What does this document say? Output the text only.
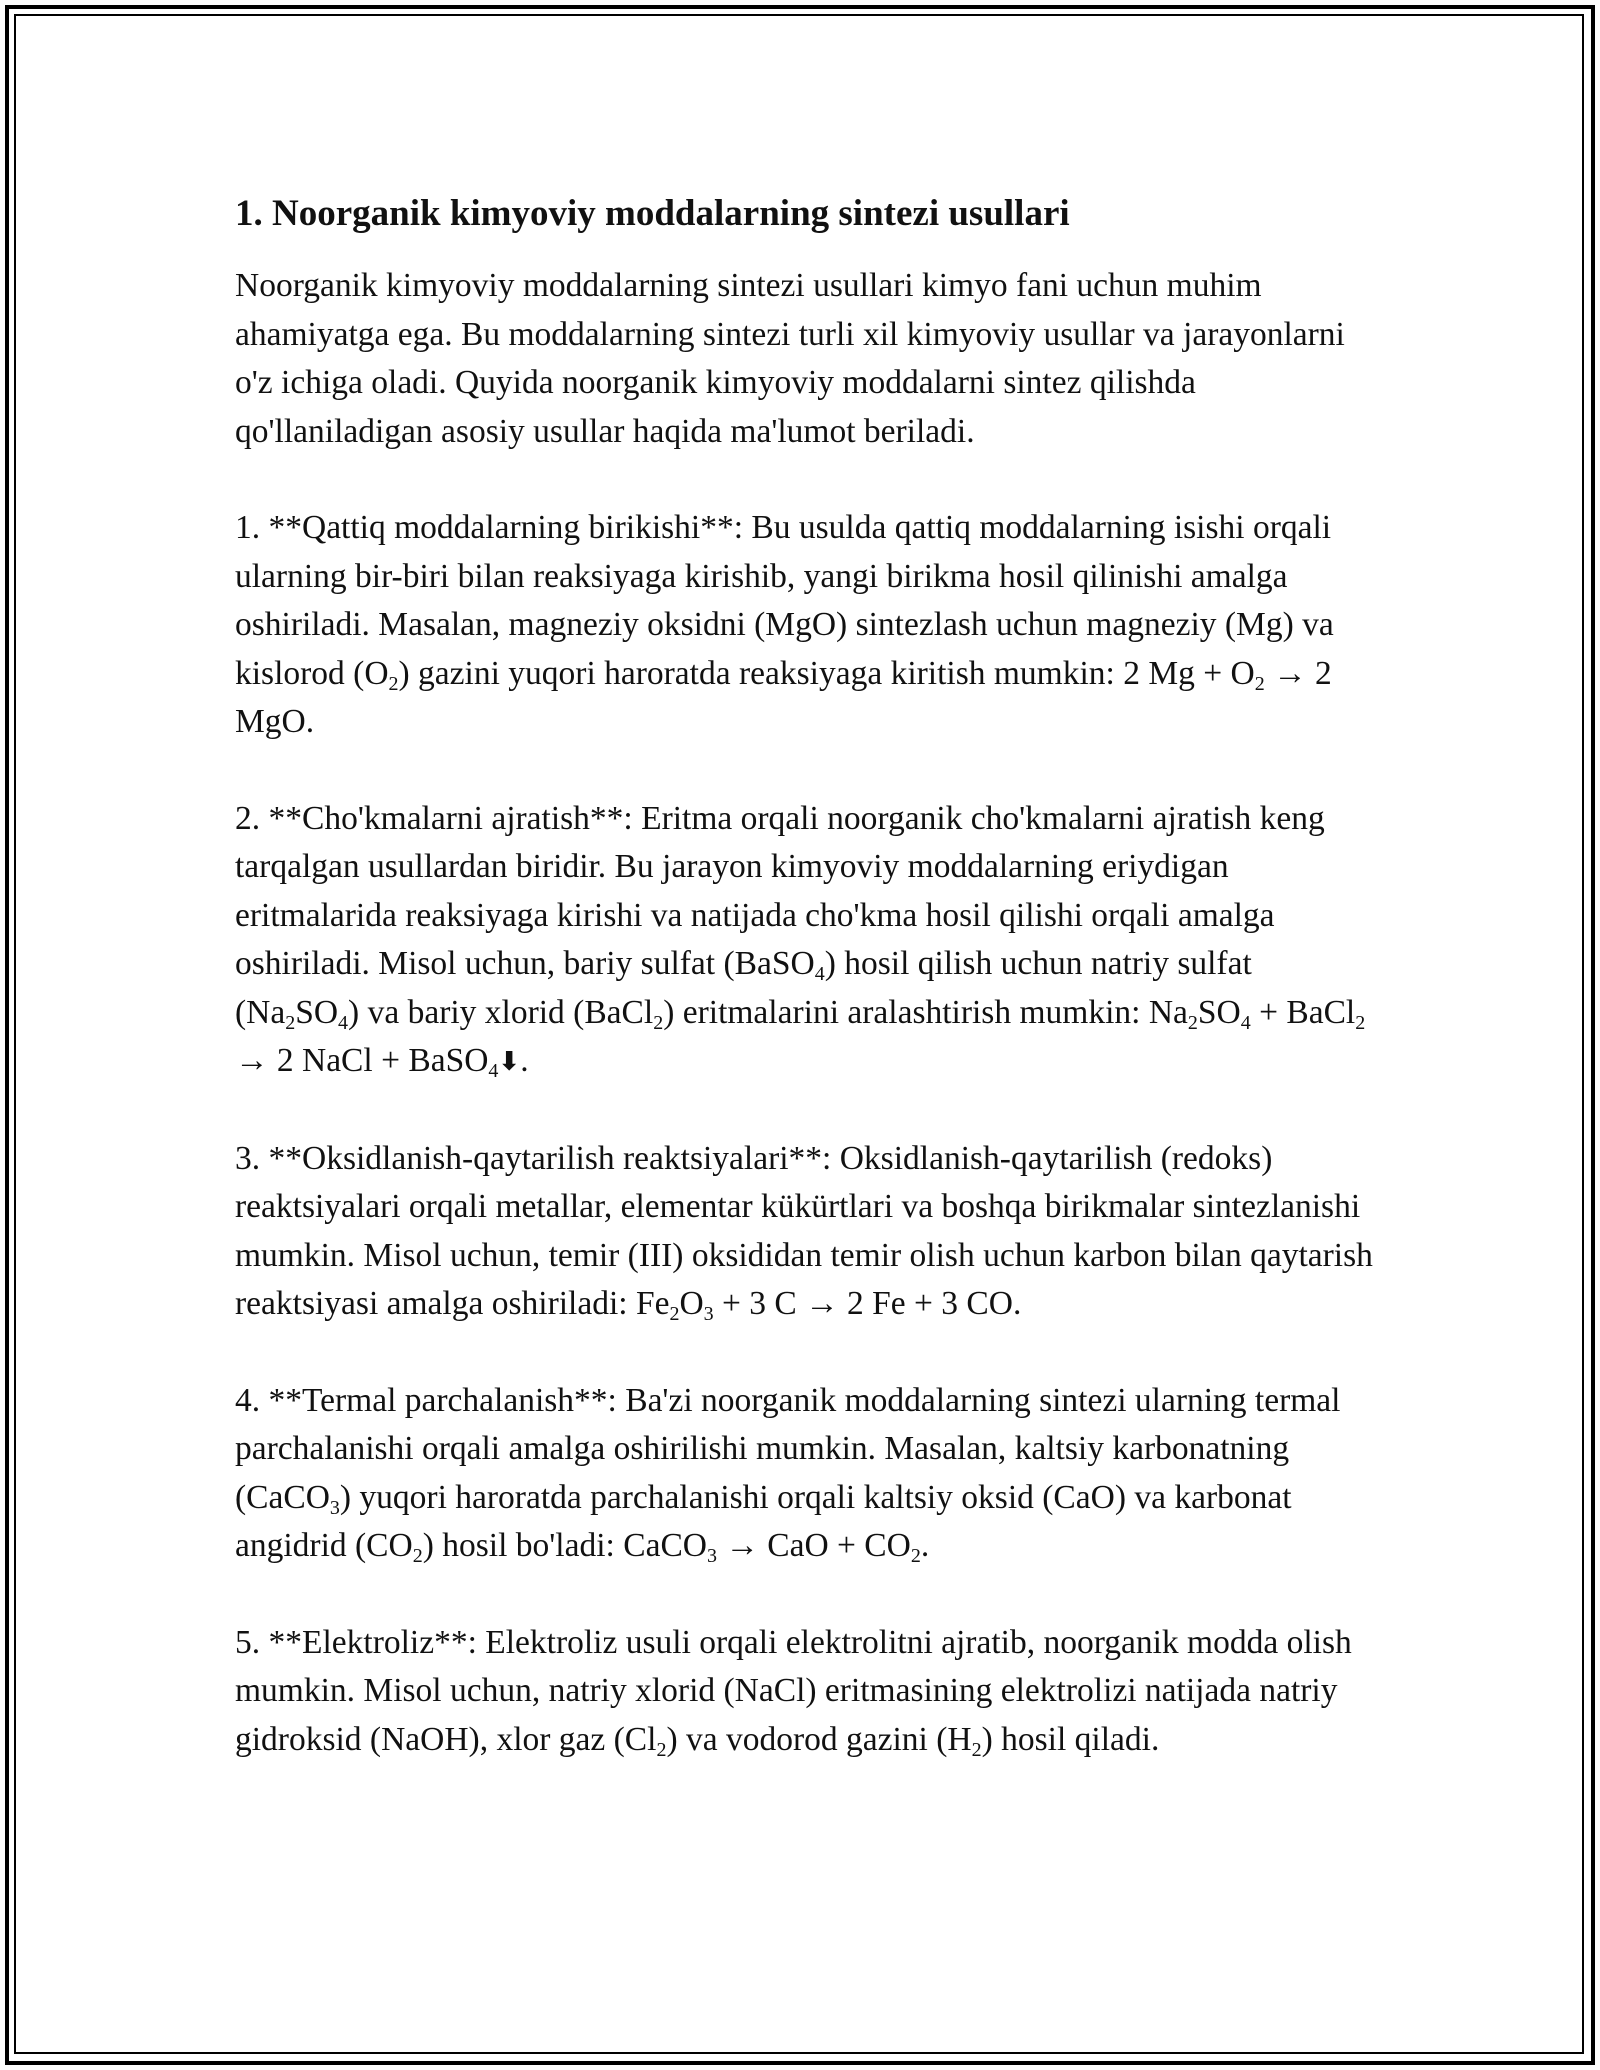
1. Noorganik kimyoviy moddalarning sintezi usullari

Noorganik kimyoviy moddalarning sintezi usullari kimyo fani uchun muhim ahamiyatga ega. Bu moddalarning sintezi turli xil kimyoviy usullar va jarayonlarni o'z ichiga oladi. Quyida noorganik kimyoviy moddalarni sintez qilishda qo'llaniladigan asosiy usullar haqida ma'lumot beriladi.

1. **Qattiq moddalarning birikishi**: Bu usulda qattiq moddalarning isishi orqali ularning bir-biri bilan reaksiyaga kirishib, yangi birikma hosil qilinishi amalga oshiriladi. Masalan, magneziy oksidni (MgO) sintezlash uchun magneziy (Mg) va kislorod $(O_2)$ gazini yuqori haroratda reaksiyaga kiritish mumkin: 2 $Mg + O_2 \to 2$ MgO.

2. **Cho'kmalarni ajratish**: Eritma orqali noorganik cho'kmalarni ajratish keng tarqalgan usullardan biridir. Bu jarayon kimyoviy moddalarning eriydigan eritmalarida reaksiyaga kirishi va natijada cho'kma hosil qilishi orqali amalga oshiriladi. Misol uchun, bariy sulfat (BaSO$_4$) hosil qilish uchun natriy sulfat $(Na_2SO_4)$ va bariy xlorid (BaCl$_2$) eritmalarini aralashtirish mumkin: $Na_2SO_4$ + BaCl$_2$ → 2 NaCl + BaSO$_4$⬇.

3. **Oksidlanish-qaytarilish reaktsiyalari**: Oksidlanish-qaytarilish (redoks) reaktsiyalari orqali metallar, elementar kükürtlari va boshqa birikmalar sintezlanishi mumkin. Misol uchun, temir (III) oksididan temir olish uchun karbon bilan qaytarish reaktsiyasi amalga oshiriladi: $Fe_2O_3 + 3$ C → 2 Fe + 3 CO.

4. **Termal parchalanish**: Ba'zi noorganik moddalarning sintezi ularning termal parchalanishi orqali amalga oshirilishi mumkin. Masalan, kaltsiy karbonatning (CaCO$_3$) yuqori haroratda parchalanishi orqali kaltsiy oksid (CaO) va karbonat angidrid $(CO_2)$ hosil bo'ladi: CaCO$_3$ → CaO + $CO_2$.

5. **Elektroliz**: Elektroliz usuli orqali elektrolitni ajratib, noorganik modda olish mumkin. Misol uchun, natriy xlorid (NaCl) eritmasining elektrolizi natijada natriy gidroksid (NaOH), xlor gaz $(Cl_2)$ va vodorod gazini $(H_2)$ hosil qiladi.
